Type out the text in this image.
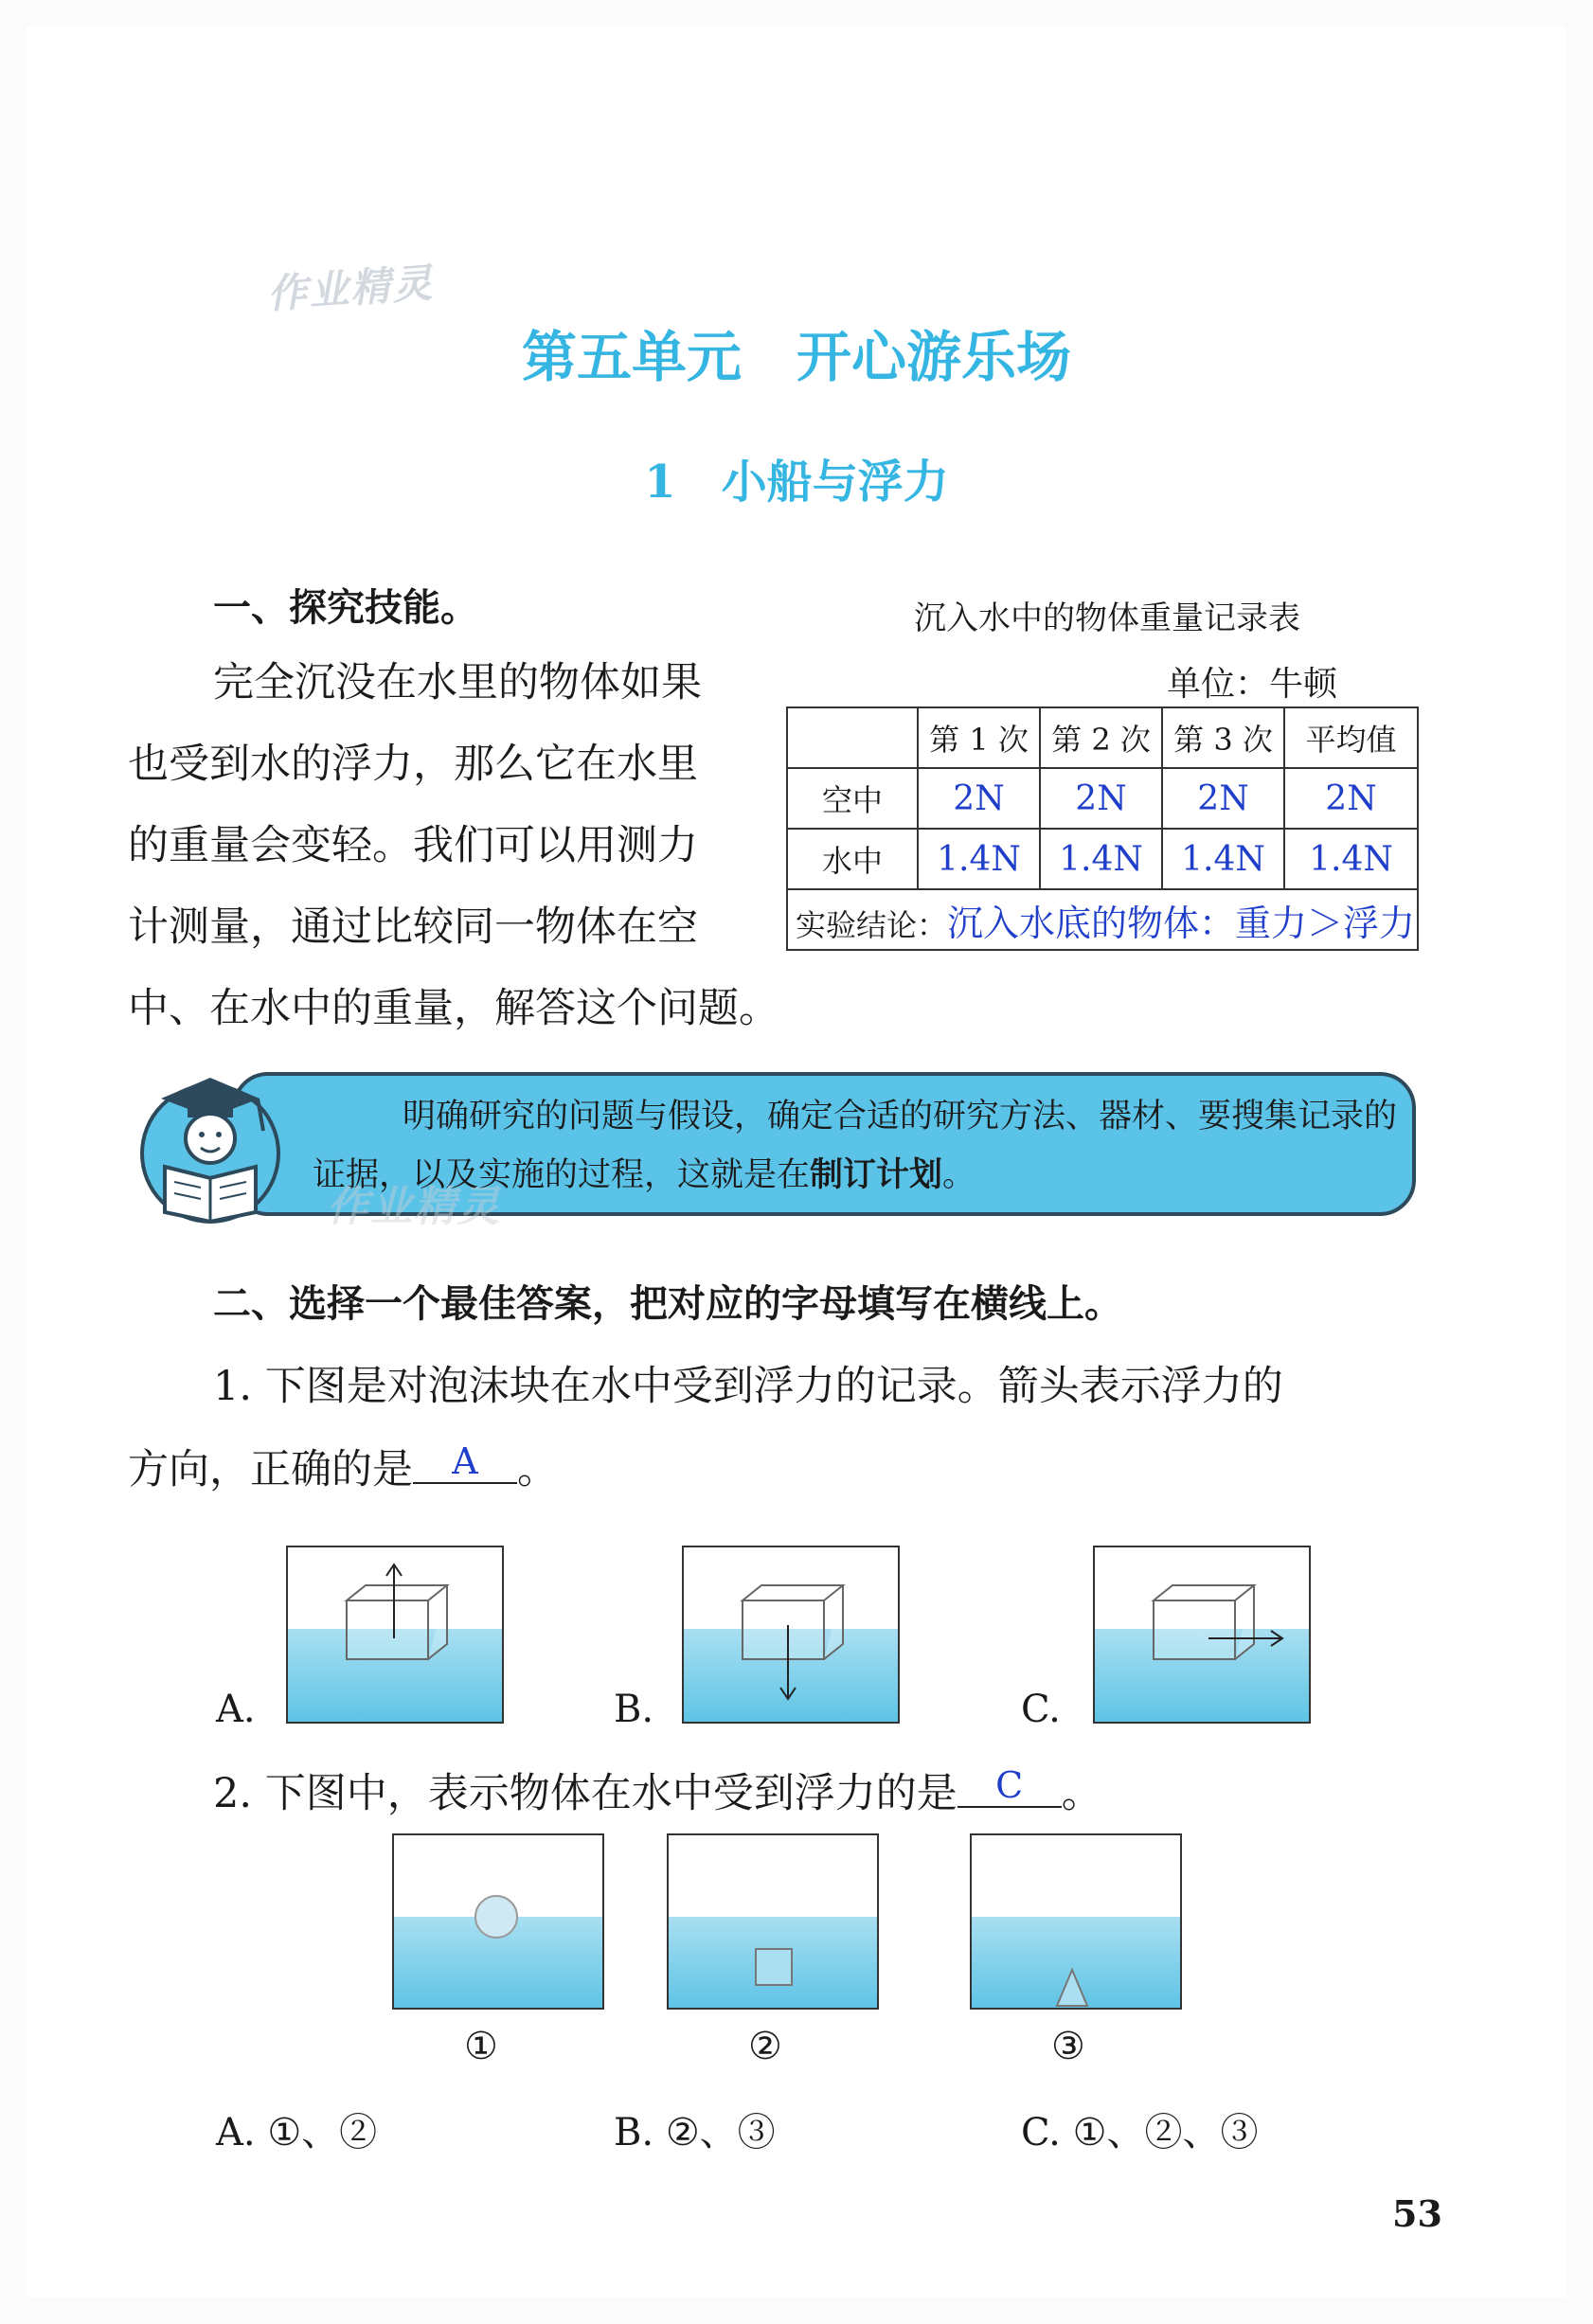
作业精灵
第五单元　开心游乐场
1　小船与浮力
一、探究技能。
完全沉没在水里的物体如果
也受到水的浮力，那么它在水里
的重量会变轻。我们可以用测力
计测量，通过比较同一物体在空
中、在水中的重量，解答这个问题。
沉入水中的物体重量记录表
单位：牛顿
	第 1 次	第 2 次	第 3 次	平均值
空中	2N	2N	2N	2N
水中	1.4N	1.4N	1.4N	1.4N
实验结论：沉入水底的物体：重力＞浮力				
明确研究的问题与假设，确定合适的研究方法、器材、要搜集记录的证据，以及实施的过程，这就是在制订计划。
作业精灵
二、选择一个最佳答案，把对应的字母填写在横线上。
1. 下图是对泡沫块在水中受到浮力的记录。箭头表示浮力的
方向，正确的是 A 。
A.	B.	C.
2. 下图中，表示物体在水中受到浮力的是 C 。
①	②	③
A. ①、②	B. ②、③	C. ①、②、③
53
